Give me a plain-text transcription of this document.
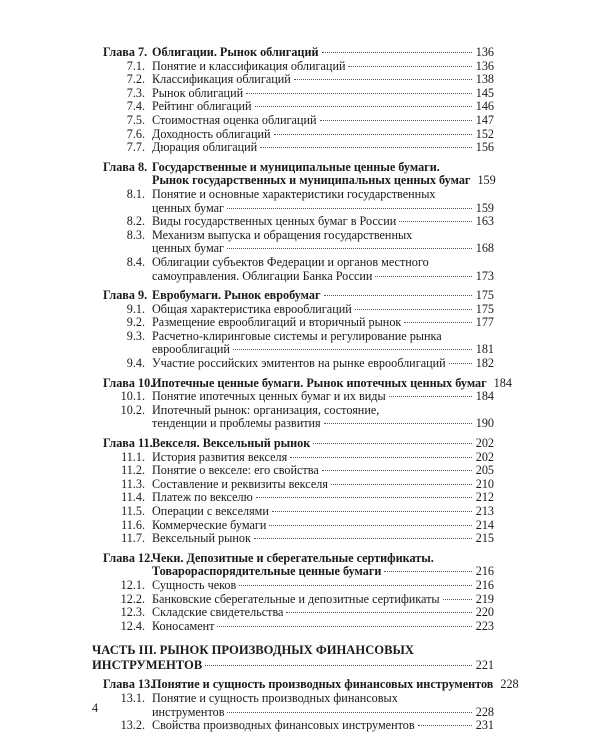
Глава 7. Облигации. Рынок облигаций	136
7.1. Понятие и классификация облигаций	136
7.2. Классификация облигаций	138
7.3. Рынок облигаций	145
7.4. Рейтинг облигаций	146
7.5. Стоимостная оценка облигаций	147
7.6. Доходность облигаций	152
7.7. Дюрация облигаций	156
Глава 8. Государственные и муниципальные ценные бумаги.
Рынок государственных и муниципальных ценных бумаг 159
8.1. Понятие и основные характеристики государственных
ценных бумаг	159
8.2. Виды государственных ценных бумаг в России	163
8.3. Механизм выпуска и обращения государственных
ценных бумаг	168
8.4. Облигации субъектов Федерации и органов местного
самоуправления. Облигации Банка России	173
Глава 9. Евробумаги. Рынок евробумаг	175
9.1. Общая характеристика еврооблигаций	175
9.2. Размещение еврооблигаций и вторичный рынок	177
9.3. Расчетно-клиринговые системы и регулирование рынка
еврооблигаций	181
9.4. Участие российских эмитентов на рынке еврооблигаций 182
Глава 10.
Ипотечные ценные бумаги. Рынок ипотечных ценных бумаг 184
10.1. Понятие ипотечных ценных бумаг и их виды	184
10.2. Ипотечный рынок: организация, состояние,
тенденции и проблемы развития	190
Глава 11. Векселя. Вексельный рынок	202
11.1. История развития векселя	202
11.2. Понятие о векселе: его свойства	205
11.3. Составление и реквизиты векселя	210
11.4. Платеж по векселю	212
11.5. Операции с векселями	213
11.6. Коммерческие бумаги	214
11.7. Вексельный рынок	215
Глава 12.
Чеки. Депозитные и сберегательные сертификаты.
Товарораспорядительные ценные бумаги	216
12.1. Сущность чеков	216
12.2. Банковские сберегательные и депозитные сертификаты	219
12.3. Складские свидетельства	220
12.4. Коносамент	223
ЧАСТЬ III. РЫНОК ПРОИЗВОДНЫХ ФИНАНСОВЫХ
ИНСТРУМЕНТОВ	221
Глава 13.
Понятие и сущность производных финансовых инструментов 228
13.1. Понятие и сущность производных финансовых
инструментов	228
13.2. Свойства производных финансовых инструментов	231
4
